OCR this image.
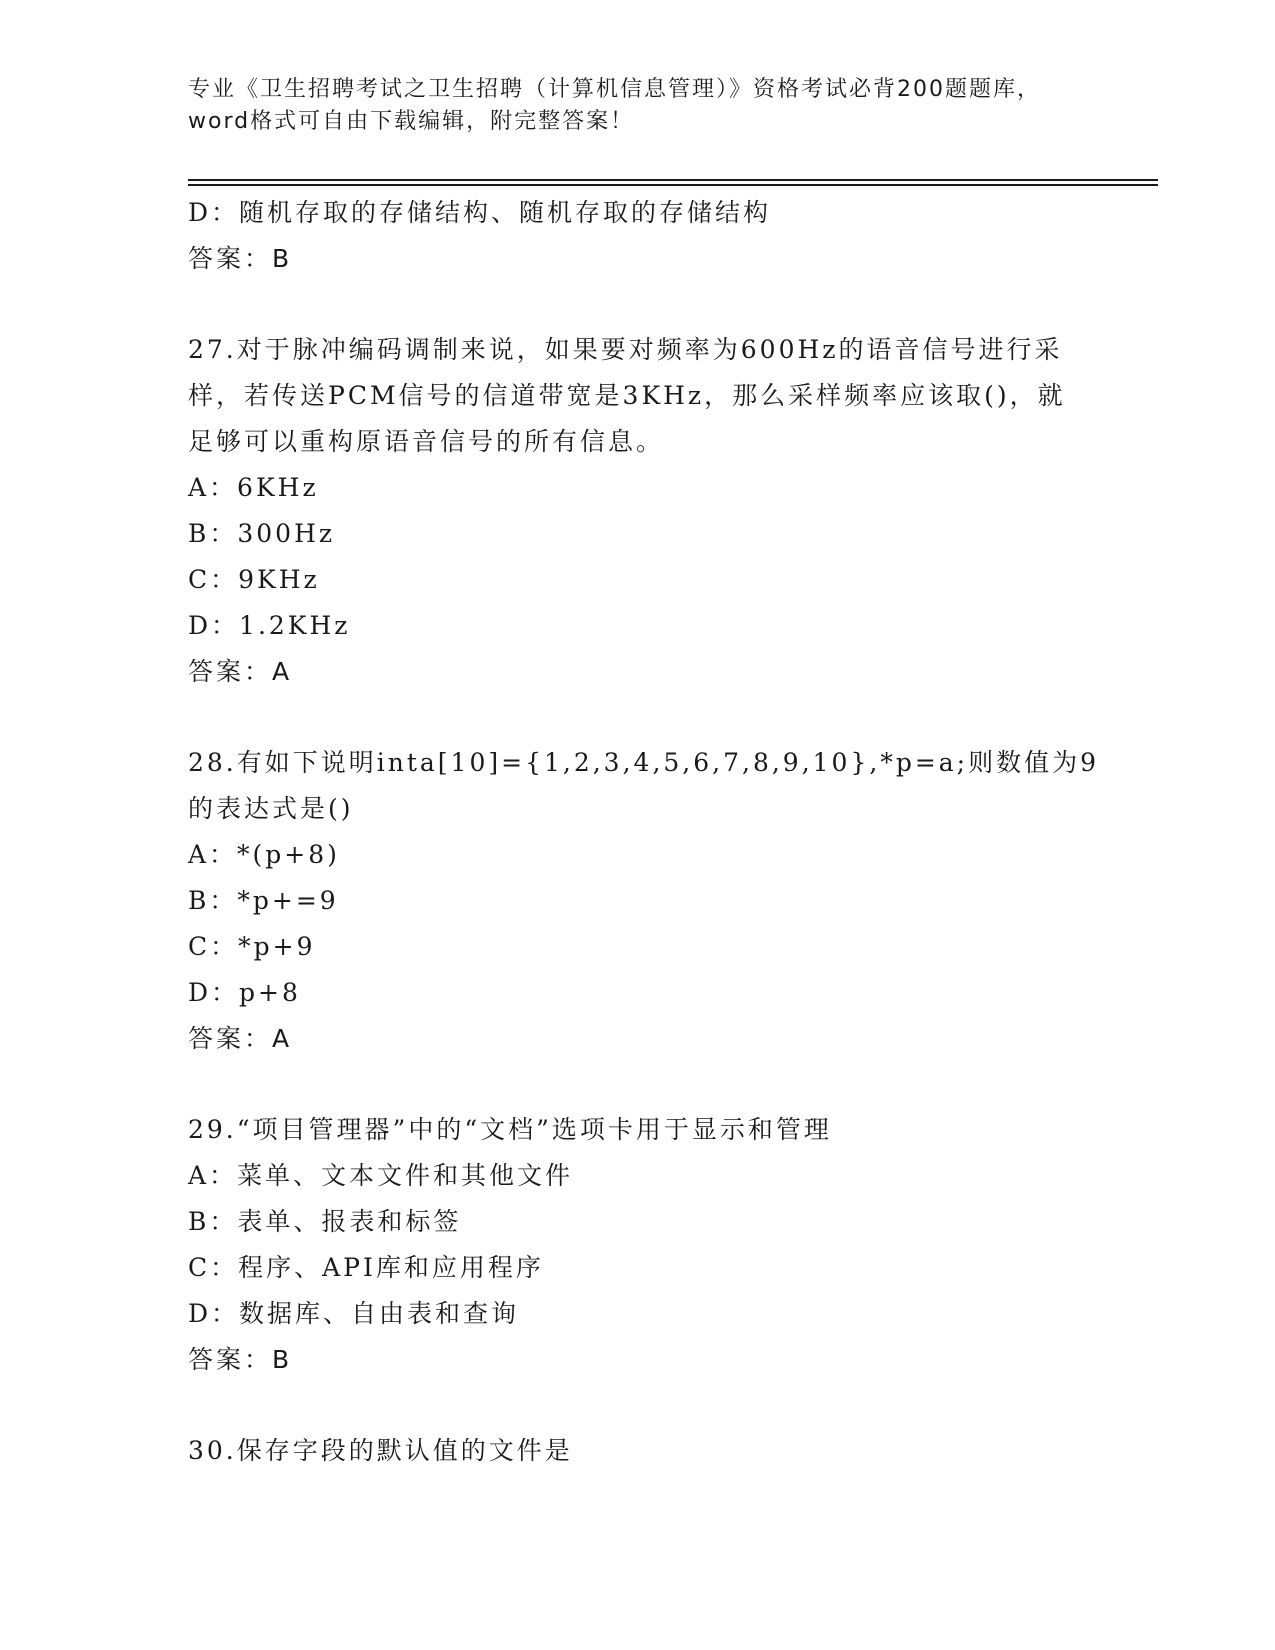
专业《卫生招聘考试之卫生招聘（计算机信息管理）》资格考试必背200题题库，
word格式可自由下载编辑，附完整答案！
D：随机存取的存储结构、随机存取的存储结构
答案：B
27.对于脉冲编码调制来说，如果要对频率为600Hz的语音信号进行采
样，若传送PCM信号的信道带宽是3KHz，那么采样频率应该取()，就
足够可以重构原语音信号的所有信息。
A：6KHz
B：300Hz
C：9KHz
D：1.2KHz
答案：A
28.有如下说明inta[10]={1,2,3,4,5,6,7,8,9,10},*p=a;则数值为9
的表达式是()
A：*(p+8)
B：*p+=9
C：*p+9
D：p+8
答案：A
29.“项目管理器”中的“文档”选项卡用于显示和管理
A：菜单、文本文件和其他文件
B：表单、报表和标签
C：程序、API库和应用程序
D：数据库、自由表和查询
答案：B
30.保存字段的默认值的文件是
